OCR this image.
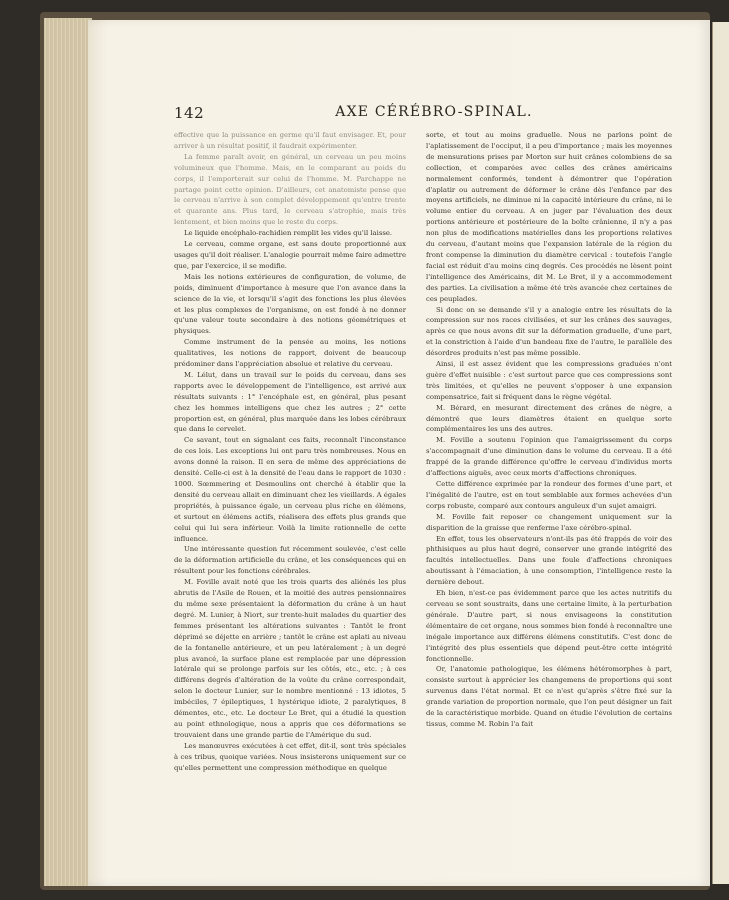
142	AXE CÉRÉBRO-SPINAL.

effective que la puissance en germe qu'il faut envisager. Et, pour arriver à un résultat positif, il faudrait expérimenter.

La femme paraît avoir, en général, un cerveau un peu moins volumineux que l'homme. Mais, en le comparant au poids du corps, il l'emporterait sur celui de l'homme. M. Parchappe ne partage point cette opinion. D'ailleurs, cet anatomiste pense que le cerveau n'arrive à son complet développement qu'entre trente et quarante ans. Plus tard, le cerveau s'atrophie, mais très lentement, et bien moins que le reste du corps.

Le liquide encéphalo-rachidien remplit les vides qu'il laisse.

Le cerveau, comme organe, est sans doute proportionné aux usages qu'il doit réaliser. L'analogie pourrait même faire admettre que, par l'exercice, il se modifie.

Mais les notions extérieures de configuration, de volume, de poids, diminuent d'importance à mesure que l'on avance dans la science de la vie, et lorsqu'il s'agit des fonctions les plus élevées et les plus complexes de l'organisme, on est fondé à ne donner qu'une valeur toute secondaire à des notions géométriques et physiques.

Comme instrument de la pensée au moins, les notions qualitatives, les notions de rapport, doivent de beaucoup prédominer dans l'appréciation absolue et relative du cerveau.

M. Lélut, dans un travail sur le poids du cerveau, dans ses rapports avec le développement de l'intelligence, est arrivé aux résultats suivants : 1° l'encéphale est, en général, plus pesant chez les hommes intelligens que chez les autres ; 2° cette proportion est, en général, plus marquée dans les lobes cérébraux que dans le cervelet.

Ce savant, tout en signalant ces faits, reconnaît l'inconstance de ces lois. Les exceptions lui ont paru très nombreuses. Nous en avons donné la raison. Il en sera de même des appréciations de densité. Celle-ci est à la densité de l'eau dans le rapport de 1030 : 1000. Sœmmering et Desmoulins ont cherché à établir que la densité du cerveau allait en diminuant chez les vieillards. A égales propriétés, à puissance égale, un cerveau plus riche en élémens, et surtout en élémens actifs, réalisera des effets plus grands que celui qui lui sera inférieur. Voilà la limite rationnelle de cette influence.

Une intéressante question fut récemment soulevée, c'est celle de la déformation artificielle du crâne, et les conséquences qui en résultent pour les fonctions cérébrales.

M. Foville avait noté que les trois quarts des aliénés les plus abrutis de l'Asile de Rouen, et la moitié des autres pensionnaires du même sexe présentaient la déformation du crâne à un haut degré. M. Lunier, à Niort, sur trente-huit malades du quartier des femmes présentant les altérations suivantes : Tantôt le front déprimé se déjette en arrière ; tantôt le crâne est aplati au niveau de la fontanelle antérieure, et un peu latéralement ; à un degré plus avancé, la surface plane est remplacée par une dépression latérale qui se prolonge parfois sur les côtés, etc., etc. ; à ces différens degrés d'altération de la voûte du crâne correspondait, selon le docteur Lunier, sur le nombre mentionné : 13 idiotes, 5 imbéciles, 7 épileptiques, 1 hystérique idiote, 2 paralytiques, 8 démentes, etc., etc. Le docteur Le Bret, qui a étudié la question au point ethnologique, nous a appris que ces déformations se trouvaient dans une grande partie de l'Amérique du sud.

Les manœuvres exécutées à cet effet, dit-il, sont très spéciales à ces tribus, quoique variées. Nous insisterons uniquement sur ce qu'elles permettent une compression méthodique en quelque

sorte, et tout au moins graduelle. Nous ne parlons point de l'aplatissement de l'occiput, il a peu d'importance ; mais les moyennes de mensurations prises par Morton sur huit crânes colombiens de sa collection, et comparées avec celles des crânes américains normalement conformés, tendent à démontrer que l'opération d'aplatir ou autrement de déformer le crâne dès l'enfance par des moyens artificiels, ne diminue ni la capacité intérieure du crâne, ni le volume entier du cerveau. A en juger par l'évaluation des deux portions antérieure et postérieure de la boîte crânienne, il n'y a pas non plus de modifications matérielles dans les proportions relatives du cerveau, d'autant moins que l'expansion latérale de la région du front compense la diminution du diamètre cervical : toutefois l'angle facial est réduit d'au moins cinq degrés. Ces procédés ne lèsent point l'intelligence des Américains, dit M. Le Bret, il y a accommodement des parties. La civilisation a même été très avancée chez certaines de ces peuplades.

Si donc on se demande s'il y a analogie entre les résultats de la compression sur nos races civilisées, et sur les crânes des sauvages, après ce que nous avons dit sur la déformation graduelle, d'une part, et la constriction à l'aide d'un bandeau fixe de l'autre, le parallèle des désordres produits n'est pas même possible.

Ainsi, il est assez évident que les compressions graduées n'ont guère d'effet nuisible : c'est surtout parce que ces compressions sont très limitées, et qu'elles ne peuvent s'opposer à une expansion compensatrice, fait si fréquent dans le règne végétal.

M. Bérard, en mesurant directement des crânes de nègre, a démontré que leurs diamètres étaient en quelque sorte complémentaires les uns des autres.

M. Foville a soutenu l'opinion que l'amaigrissement du corps s'accompagnait d'une diminution dans le volume du cerveau. Il a été frappé de la grande différence qu'offre le cerveau d'individus morts d'affections aiguës, avec ceux morts d'affections chroniques.

Cette différence exprimée par la rondeur des formes d'une part, et l'inégalité de l'autre, est en tout semblable aux formes achevées d'un corps robuste, comparé aux contours anguleux d'un sujet amaigri.

M. Foville fait reposer ce changement uniquement sur la disparition de la graisse que renferme l'axe cérébro-spinal.

En effet, tous les observateurs n'ont-ils pas été frappés de voir des phthisiques au plus haut degré, conserver une grande intégrité des facultés intellectuelles. Dans une foule d'affections chroniques aboutissant à l'émaciation, à une consomption, l'intelligence reste la dernière debout.

Eh bien, n'est-ce pas évidemment parce que les actes nutritifs du cerveau se sont soustraits, dans une certaine limite, à la perturbation générale. D'autre part, si nous envisageons la constitution élémentaire de cet organe, nous sommes bien fondé à reconnaître une inégale importance aux différens élémens constitutifs. C'est donc de l'intégrité des plus essentiels que dépend peut-être cette intégrité fonctionnelle.

Or, l'anatomie pathologique, les élémens hétéromorphes à part, consiste surtout à apprécier les changemens de proportions qui sont survenus dans l'état normal. Et ce n'est qu'après s'être fixé sur la grande variation de proportion normale, que l'on peut désigner un fait de la caractéristique morbide. Quand on étudie l'évolution de certains tissus, comme M. Robin l'a fait
